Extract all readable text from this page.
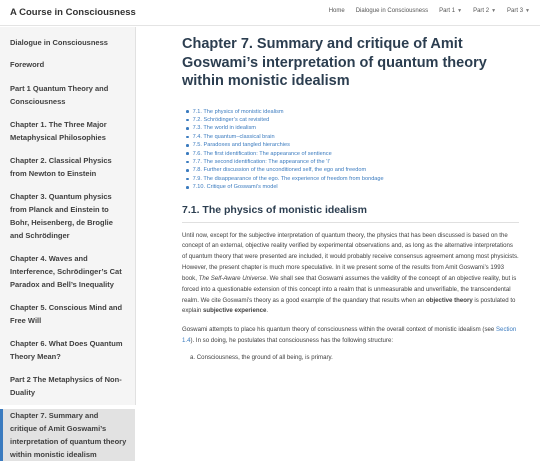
A Course in Consciousness	Home Dialogue in Consciousness Part 1 ▼ Part 2 ▼ Part 3 ▼
Dialogue in Consciousness
Foreword
Part 1 Quantum Theory and Consciousness
Chapter 1. The Three Major Metaphysical Philosophies
Chapter 2. Classical Physics from Newton to Einstein
Chapter 3. Quantum physics from Planck and Einstein to Bohr, Heisenberg, de Broglie and Schrödinger
Chapter 4. Waves and Interference, Schrödinger’s Cat Paradox and Bell’s Inequality
Chapter 5. Conscious Mind and Free Will
Chapter 6. What Does Quantum Theory Mean?
Part 2 The Metaphysics of Non-Duality
Chapter 7. Summary and critique of Amit Goswami’s interpretation of quantum theory within monistic idealism
Chapter 7. Summary and critique of Amit Goswami’s interpretation of quantum theory within monistic idealism
7.1. The physics of monistic idealism
7.2. Schrödinger’s cat revisited
7.3. The world in idealism
7.4. The quantum–classical brain
7.5. Paradoxes and tangled hierarchies
7.6. The first identification: The appearance of sentience
7.7. The second identification: The appearance of the ‘I’
7.8. Further discussion of the unconditioned self, the ego and freedom
7.9. The disappearance of the ego. The experience of freedom from bondage
7.10. Critique of Goswami’s model
7.1. The physics of monistic idealism

Until now, except for the subjective interpretation of quantum theory, the physics that has been discussed is based on the concept of an external, objective reality verified by experimental observations and, as long as the alternative interpretations of quantum theory that were presented are included, it would probably receive consensus agreement among most physicists. However, the present chapter is much more speculative. In it we present some of the results from Amit Goswami’s 1993 book, The Self-Aware Universe. We shall see that Goswami assumes the validity of the concept of an objective reality, but is forced into a questionable extension of this concept into a realm that is unmeasurable and unverifiable, the transcendental realm. We cite Goswami’s theory as a good example of the quandary that results when an objective theory is postulated to explain subjective experience.

Goswami attempts to place his quantum theory of consciousness within the overall context of monistic idealism (see Section 1.4). In so doing, he postulates that consciousness has the following structure:

a. Consciousness, the ground of all being, is primary.
